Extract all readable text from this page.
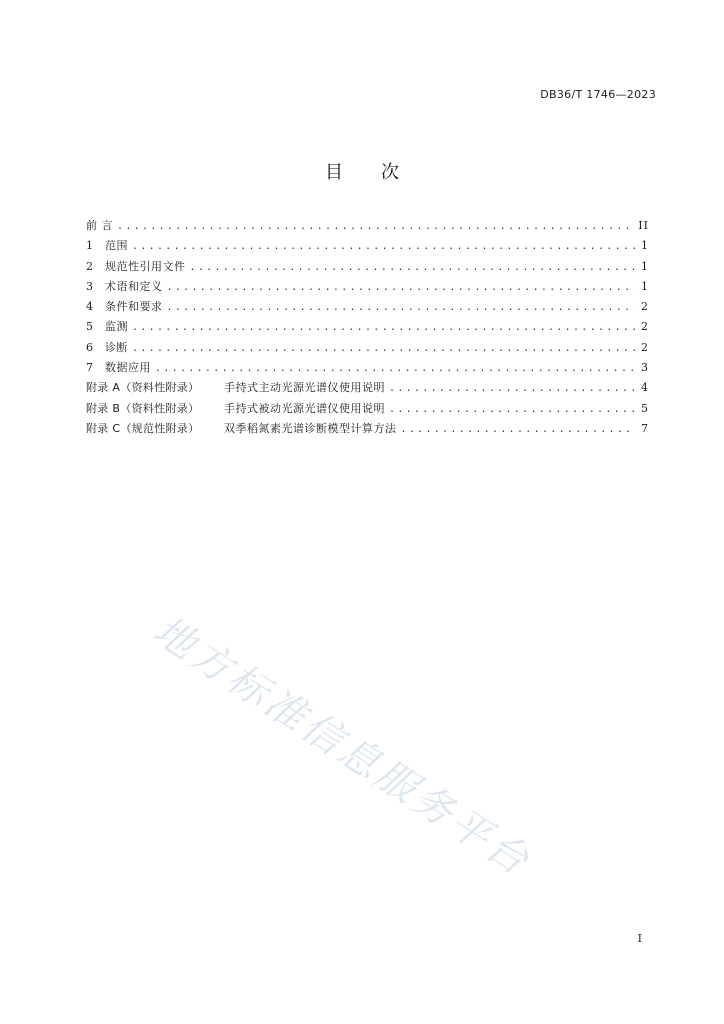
DB36/T 1746—2023
目 次
前 言 .....	II
1	范围 .....	1
2	规范性引用文件 .....	1
3	术语和定义 .....	1
4	条件和要求 .....	2
5	监测 .....	2
6	诊断 .....	2
7	数据应用 .....	3
附录 A（资料性附录）	手持式主动光源光谱仪使用说明 .....	4
附录 B（资料性附录）	手持式被动光源光谱仪使用说明 .....	5
附录 C（规范性附录）	双季稻氮素光谱诊断模型计算方法 .....	7
地方标准信息服务平台
I
